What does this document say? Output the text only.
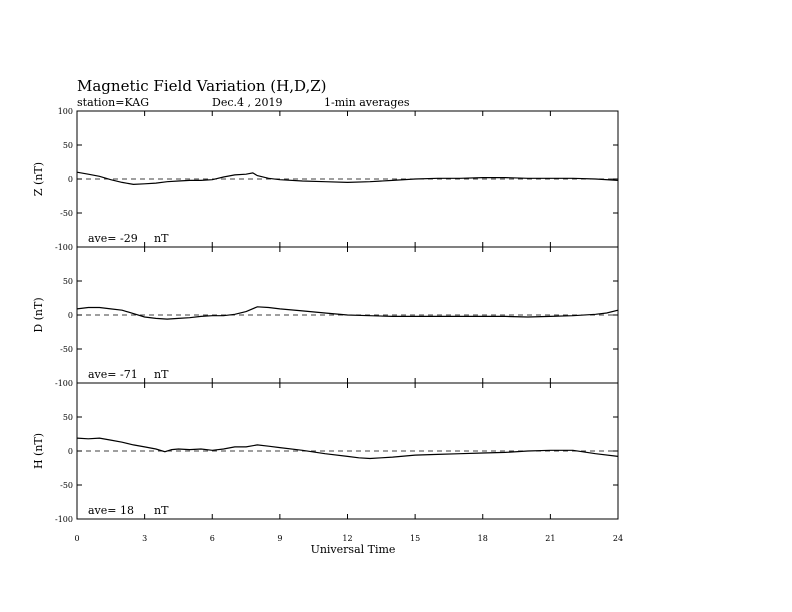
Magnetic Field Variation (H,D,Z)
station=KAG	Dec.4 , 2019	1-min averages
-100
-50
0
50
100
Z (nT)
ave= -29 nT
-100
-50
0
50
D (nT)
ave= -71 nT
-100
-50
0
50
H (nT)
ave= 18 nT
0	3	6	9	12	15	18	21	24
Universal Time
